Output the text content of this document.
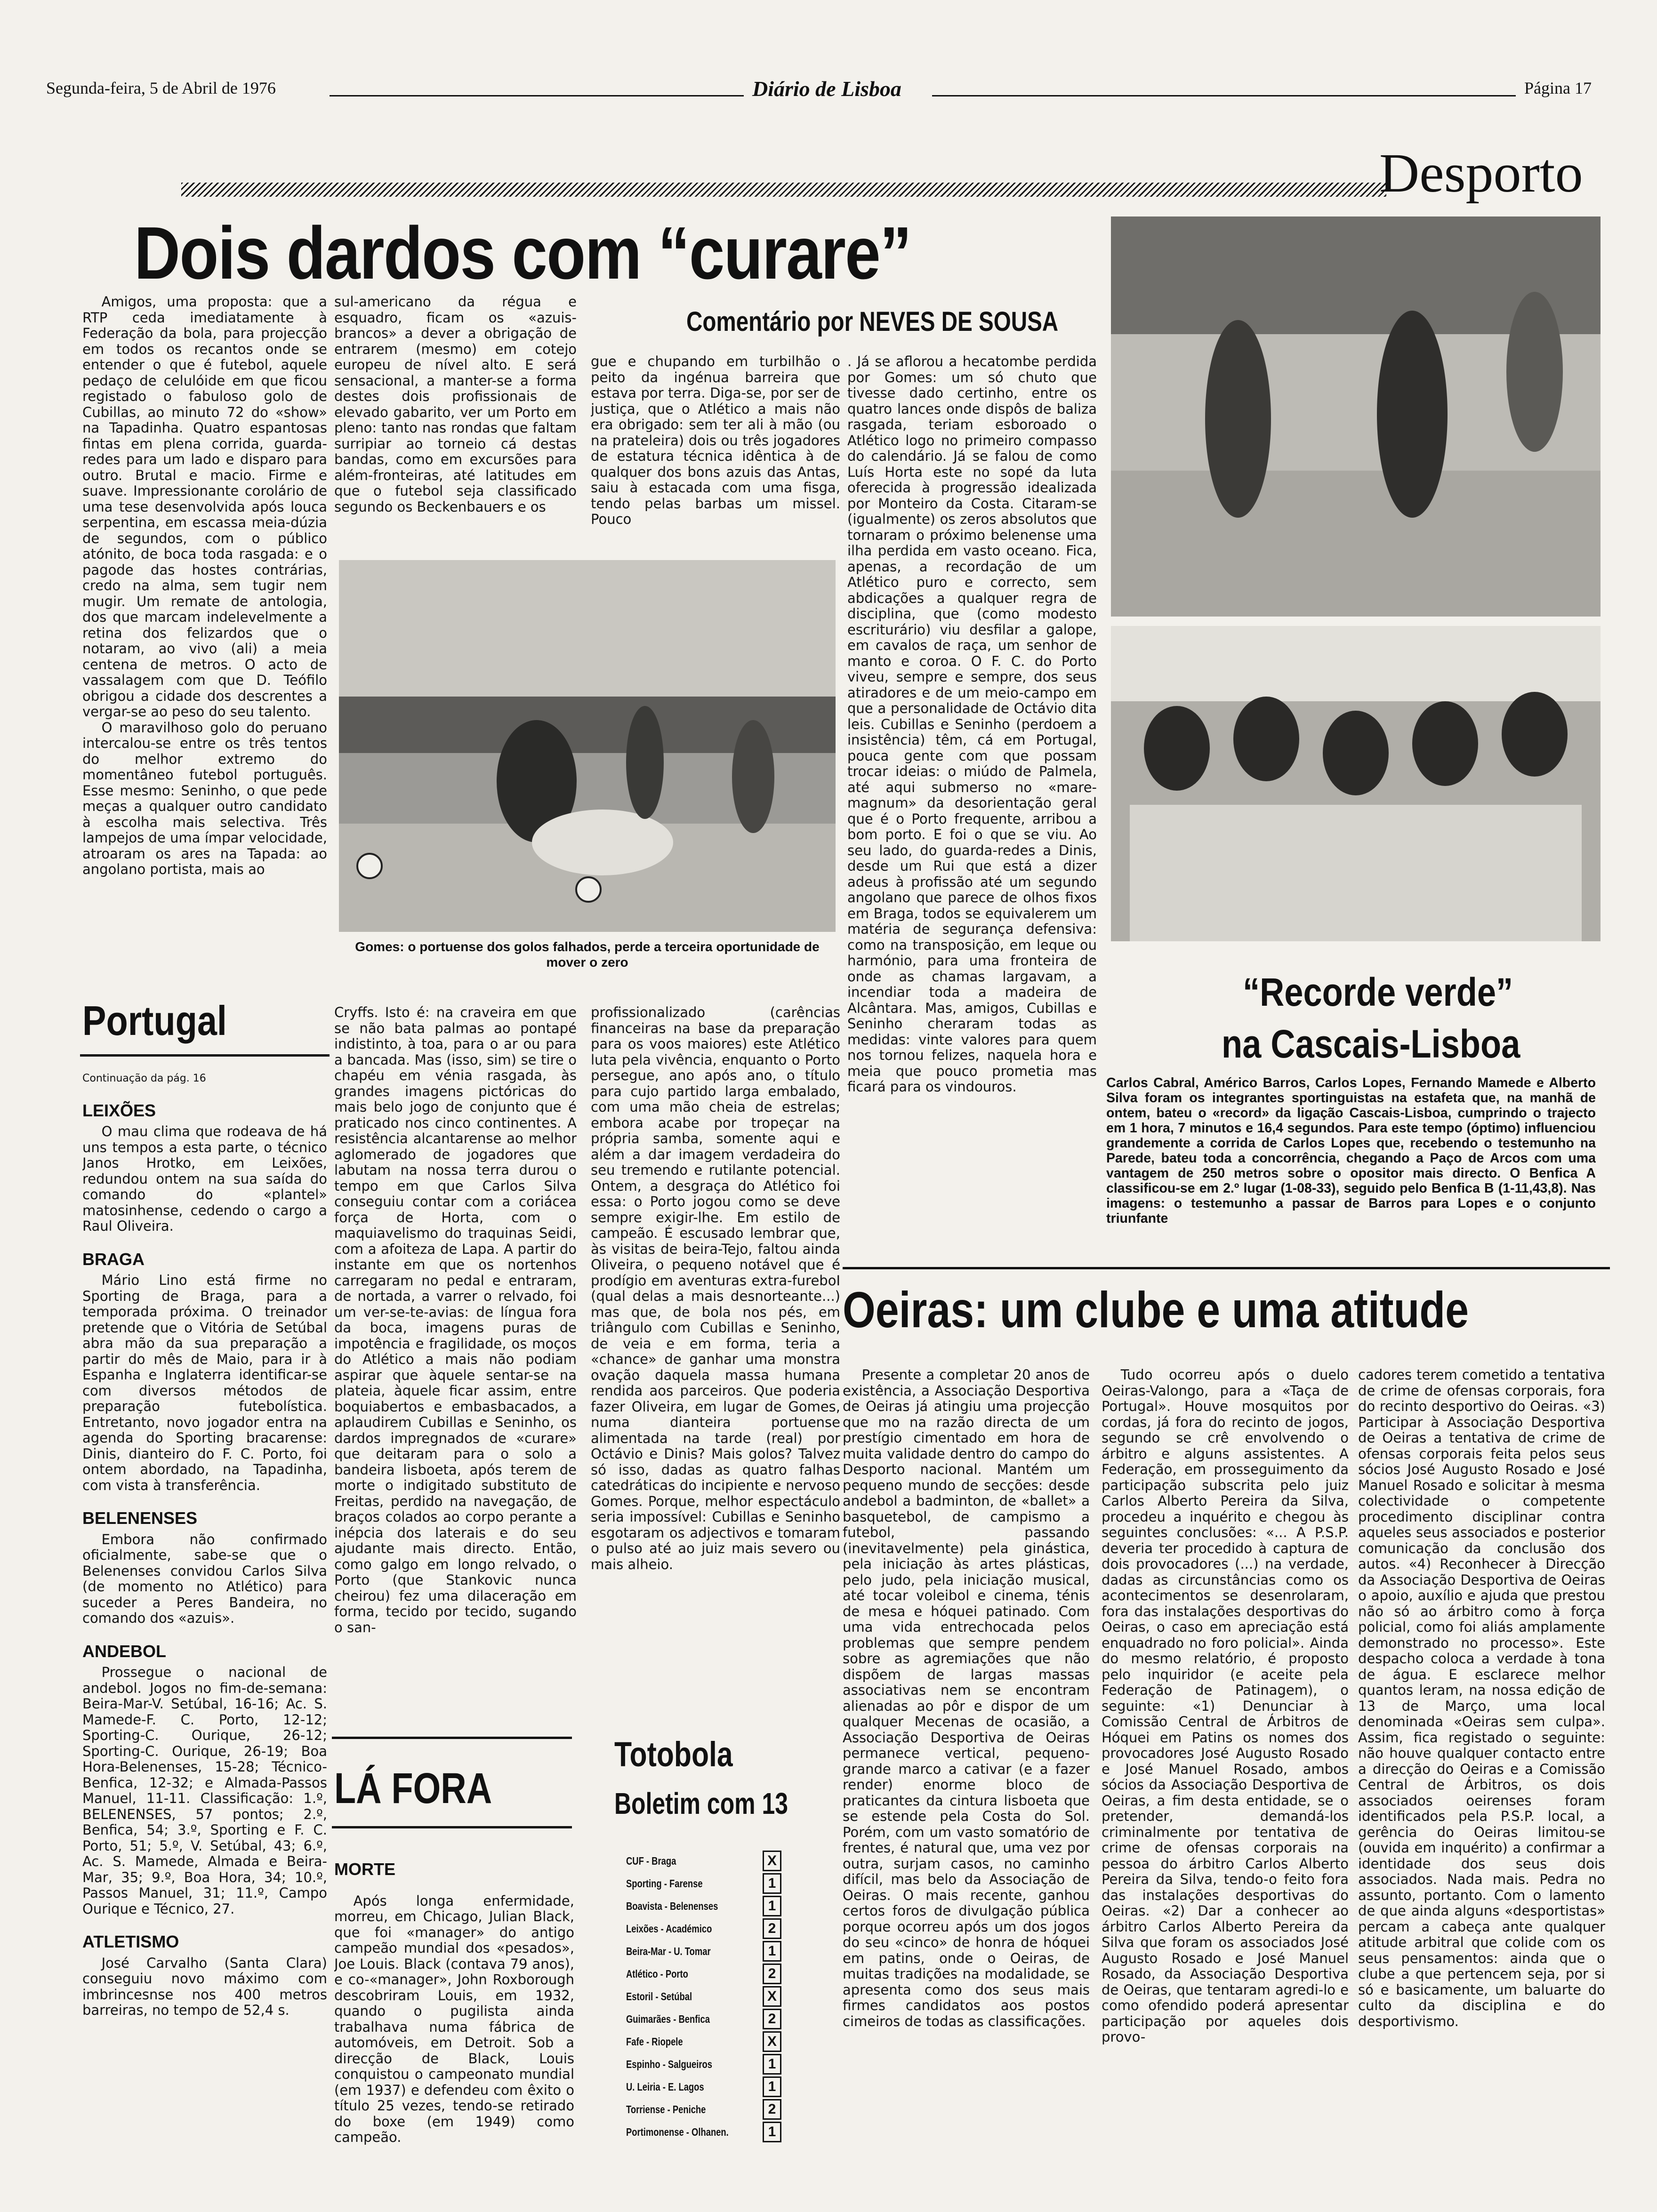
Segunda-feira, 5 de Abril de 1976	Diário de Lisboa	Página 17
Desporto
Dois dardos com “curare”
Comentário por NEVES DE SOUSA

Amigos, uma proposta: que a RTP ceda imediatamente à Federação da bola, para projecção em todos os recantos onde se entender o que é futebol, aquele pedaço de celulóide em que ficou registado o fabuloso golo de Cubillas, ao minuto 72 do «show» na Tapadinha. Quatro espantosas fintas em plena corrida, guarda-redes para um lado e disparo para outro. Brutal e macio. Firme e suave. Impressionante corolário de uma tese desenvolvida após louca serpentina, em escassa meia-dúzia de segundos, com o público atónito, de boca toda rasgada: e o pagode das hostes contrárias, credo na alma, sem tugir nem mugir. Um remate de antologia, dos que marcam indelevelmente a retina dos felizardos que o notaram, ao vivo (ali) a meia centena de metros. O acto de vassalagem com que D. Teófilo obrigou a cidade dos descrentes a vergar-se ao peso do seu talento.

O maravilhoso golo do peruano intercalou-se entre os três tentos do melhor extremo do momentâneo futebol português. Esse mesmo: Seninho, o que pede meças a qualquer outro candidato à escolha mais selectiva. Três lampejos de uma ímpar velocidade, atroaram os ares na Tapada: ao angolano portista, mais ao

sul-americano da régua e esquadro, ficam os «azuis-brancos» a dever a obrigação de entrarem (mesmo) em cotejo europeu de nível alto. E será sensacional, a manter-se a forma destes dois profissionais de elevado gabarito, ver um Porto em pleno: tanto nas rondas que faltam surripiar ao torneio cá destas bandas, como em excursões para além-fronteiras, até latitudes em que o futebol seja classificado segundo os Beckenbauers e os

gue e chupando em turbilhão o peito da ingénua barreira que estava por terra. Diga-se, por ser de justiça, que o Atlético a mais não era obrigado: sem ter ali à mão (ou na prateleira) dois ou três jogadores de estatura técnica idêntica à de qualquer dos bons azuis das Antas, saiu à estacada com uma fisga, tendo pelas barbas um missel. Pouco

. Já se aflorou a hecatombe perdida por Gomes: um só chuto que tivesse dado certinho, entre os quatro lances onde dispôs de baliza rasgada, teriam esboroado o Atlético logo no primeiro compasso do calendário. Já se falou de como Luís Horta este no sopé da luta oferecida à progressão idealizada por Monteiro da Costa. Citaram-se (igualmente) os zeros absolutos que tornaram o próximo belenense uma ilha perdida em vasto oceano. Fica, apenas, a recordação de um Atlético puro e correcto, sem abdicações a qualquer regra de disciplina, que (como modesto escriturário) viu desfilar a galope, em cavalos de raça, um senhor de manto e coroa. O F. C. do Porto viveu, sempre e sempre, dos seus atiradores e de um meio-campo em que a personalidade de Octávio dita leis. Cubillas e Seninho (perdoem a insistência) têm, cá em Portugal, pouca gente com que possam trocar ideias: o miúdo de Palmela, até aqui submerso no «mare-magnum» da desorientação geral que é o Porto frequente, arribou a bom porto. E foi o que se viu. Ao seu lado, do guarda-redes a Dinis, desde um Rui que está a dizer adeus à profissão até um segundo angolano que parece de olhos fixos em Braga, todos se equivalerem um matéria de segurança defensiva: como na transposição, em leque ou harmónio, para uma fronteira de onde as chamas largavam, a incendiar toda a madeira de Alcântara. Mas, amigos, Cubillas e Seninho cheraram todas as medidas: vinte valores para quem nos tornou felizes, naquela hora e meia que pouco prometia mas ficará para os vindouros.

Gomes: o portuense dos golos falhados, perde a terceira oportunidade de mover o zero
Portugal
Continuação da pág. 16
LEIXÕES

O mau clima que rodeava de há uns tempos a esta parte, o técnico Janos Hrotko, em Leixões, redundou ontem na sua saída do comando do «plantel» matosinhense, cedendo o cargo a Raul Oliveira.

BRAGA

Mário Lino está firme no Sporting de Braga, para a temporada próxima. O treinador pretende que o Vitória de Setúbal abra mão da sua preparação a partir do mês de Maio, para ir à Espanha e Inglaterra identificar-se com diversos métodos de preparação futebolística. Entretanto, novo jogador entra na agenda do Sporting bracarense: Dinis, dianteiro do F. C. Porto, foi ontem abordado, na Tapadinha, com vista à transferência.

BELENENSES

Embora não confirmado oficialmente, sabe-se que o Belenenses convidou Carlos Silva (de momento no Atlético) para suceder a Peres Bandeira, no comando dos «azuis».

ANDEBOL

Prossegue o nacional de andebol. Jogos no fim-de-semana: Beira-Mar-V. Setúbal, 16-16; Ac. S. Mamede-F. C. Porto, 12-12; Sporting-C. Ourique, 26-12; Sporting-C. Ourique, 26-19; Boa Hora-Belenenses, 15-28; Técnico-Benfica, 12-32; e Almada-Passos Manuel, 11-11. Classificação: 1.º, BELENENSES, 57 pontos; 2.º, Benfica, 54; 3.º, Sporting e F. C. Porto, 51; 5.º, V. Setúbal, 43; 6.º, Ac. S. Mamede, Almada e Beira-Mar, 35; 9.º, Boa Hora, 34; 10.º, Passos Manuel, 31; 11.º, Campo Ourique e Técnico, 27.

ATLETISMO

José Carvalho (Santa Clara) conseguiu novo máximo com imbrincesnse nos 400 metros barreiras, no tempo de 52,4 s.

Cryffs. Isto é: na craveira em que se não bata palmas ao pontapé indistinto, à toa, para o ar ou para a bancada. Mas (isso, sim) se tire o chapéu em vénia rasgada, às grandes imagens pictóricas do mais belo jogo de conjunto que é praticado nos cinco continentes. A resistência alcantarense ao melhor aglomerado de jogadores que labutam na nossa terra durou o tempo em que Carlos Silva conseguiu contar com a coriácea força de Horta, com o maquiavelismo do traquinas Seidi, com a afoiteza de Lapa. A partir do instante em que os nortenhos carregaram no pedal e entraram, de nortada, a varrer o relvado, foi um ver-se-te-avias: de língua fora da boca, imagens puras de impotência e fragilidade, os moços do Atlético a mais não podiam aspirar que àquele sentar-se na plateia, àquele ficar assim, entre boquiabertos e embasbacados, a aplaudirem Cubillas e Seninho, os dardos impregnados de «curare» que deitaram para o solo a bandeira lisboeta, após terem de morte o indigitado substituto de Freitas, perdido na navegação, de braços colados ao corpo perante a inépcia dos laterais e do seu ajudante mais directo. Então, como galgo em longo relvado, o Porto (que Stankovic nunca cheirou) fez uma dilaceração em forma, tecido por tecido, sugando o san-

profissionalizado (carências financeiras na base da preparação para os voos maiores) este Atlético luta pela vivência, enquanto o Porto persegue, ano após ano, o título para cujo partido larga embalado, com uma mão cheia de estrelas; embora acabe por tropeçar na própria samba, somente aqui e além a dar imagem verdadeira do seu tremendo e rutilante potencial. Ontem, a desgraça do Atlético foi essa: o Porto jogou como se deve sempre exigir-lhe. Em estilo de campeão. É escusado lembrar que, às visitas de beira-Tejo, faltou ainda Oliveira, o pequeno notável que é prodígio em aventuras extra-fureboI (qual delas a mais desnorteante...) mas que, de bola nos pés, em triângulo com Cubillas e Seninho, de veia e em forma, teria a «chance» de ganhar uma monstra ovação daquela massa humana rendida aos parceiros. Que poderia fazer Oliveira, em lugar de Gomes, numa dianteira portuense alimentada na tarde (real) por Octávio e Dinis? Mais golos? Talvez só isso, dadas as quatro falhas catedráticas do incipiente e nervoso Gomes. Porque, melhor espectáculo seria impossível: Cubillas e Seninho esgotaram os adjectivos e tomaram o pulso até ao juiz mais severo ou mais alheio.

LÁ FORA
MORTE

Após longa enfermidade, morreu, em Chicago, Julian Black, que foi «manager» do antigo campeão mundial dos «pesados», Joe Louis. Black (contava 79 anos), e co-«manager», John Roxborough descobriram Louis, em 1932, quando o pugilista ainda trabalhava numa fábrica de automóveis, em Detroit. Sob a direcção de Black, Louis conquistou o campeonato mundial (em 1937) e defendeu com êxito o título 25 vezes, tendo-se retirado do boxe (em 1949) como campeão.

Totobola
Boletim com 13
CUF - Braga	X
Sporting - Farense	1
Boavista - Belenenses	1
Leixões - Académico	2
Beira-Mar - U. Tomar	1
Atlético - Porto	2
Estoril - Setúbal	X
Guimarães - Benfica	2
Fafe - Riopele	X
Espinho - Salgueiros	1
U. Leiria - E. Lagos	1
Torriense - Peniche	2
Portimonense - Olhanen.	1
“Recorde verde”
na Cascais-Lisboa
Carlos Cabral, Américo Barros, Carlos Lopes, Fernando Mamede e Alberto Silva foram os integrantes sportinguistas na estafeta que, na manhã de ontem, bateu o «record» da ligação Cascais-Lisboa, cumprindo o trajecto em 1 hora, 7 minutos e 16,4 segundos. Para este tempo (óptimo) influenciou grandemente a corrida de Carlos Lopes que, recebendo o testemunho na Parede, bateu toda a concorrência, chegando a Paço de Arcos com uma vantagem de 250 metros sobre o opositor mais directo. O Benfica A classificou-se em 2.º lugar (1-08-33), seguido pelo Benfica B (1-11,43,8). Nas imagens: o testemunho a passar de Barros para Lopes e o conjunto triunfante
Oeiras: um clube e uma atitude

Presente a completar 20 anos de existência, a Associação Desportiva de Oeiras já atingiu uma projecção que mo na razão directa de um prestígio cimentado em hora de muita validade dentro do campo do Desporto nacional. Mantém um pequeno mundo de secções: desde andebol a badminton, de «ballet» a basquetebol, de campismo a futebol, passando (inevitavelmente) pela ginástica, pela iniciação às artes plásticas, pelo judo, pela iniciação musical, até tocar voleibol e cinema, ténis de mesa e hóquei patinado. Com uma vida entrechocada pelos problemas que sempre pendem sobre as agremiações que não dispõem de largas massas associativas nem se encontram alienadas ao pôr e dispor de um qualquer Mecenas de ocasião, a Associação Desportiva de Oeiras permanece vertical, pequeno-grande marco a cativar (e a fazer render) enorme bloco de praticantes da cintura lisboeta que se estende pela Costa do Sol. Porém, com um vasto somatório de frentes, é natural que, uma vez por outra, surjam casos, no caminho difícil, mas belo da Associação de Oeiras. O mais recente, ganhou certos foros de divulgação pública porque ocorreu após um dos jogos do seu «cinco» de honra de hóquei em patins, onde o Oeiras, de muitas tradições na modalidade, se apresenta como dos seus mais firmes candidatos aos postos cimeiros de todas as classificações.

Tudo ocorreu após o duelo Oeiras-Valongo, para a «Taça de Portugal». Houve mosquitos por cordas, já fora do recinto de jogos, segundo se crê envolvendo o árbitro e alguns assistentes. A Federação, em prosseguimento da participação subscrita pelo juiz Carlos Alberto Pereira da Silva, procedeu a inquérito e chegou às seguintes conclusões: «... A P.S.P. deveria ter procedido à captura de dois provocadores (...) na verdade, dadas as circunstâncias como os acontecimentos se desenrolaram, fora das instalações desportivas do Oeiras, o caso em apreciação está enquadrado no foro policial». Ainda do mesmo relatório, é proposto pelo inquiridor (e aceite pela Federação de Patinagem), o seguinte: «1) Denunciar à Comissão Central de Árbitros de Hóquei em Patins os nomes dos provocadores José Augusto Rosado e José Manuel Rosado, ambos sócios da Associação Desportiva de Oeiras, a fim desta entidade, se o pretender, demandá-los criminalmente por tentativa de crime de ofensas corporais na pessoa do árbitro Carlos Alberto Pereira da Silva, tendo-o feito fora das instalações desportivas do Oeiras. «2) Dar a conhecer ao árbitro Carlos Alberto Pereira da Silva que foram os associados José Augusto Rosado e José Manuel Rosado, da Associação Desportiva de Oeiras, que tentaram agredi-lo e como ofendido poderá apresentar participação por aqueles dois provo-

cadores terem cometido a tentativa de crime de ofensas corporais, fora do recinto desportivo do Oeiras. «3) Participar à Associação Desportiva de Oeiras a tentativa de crime de ofensas corporais feita pelos seus sócios José Augusto Rosado e José Manuel Rosado e solicitar à mesma colectividade o competente procedimento disciplinar contra aqueles seus associados e posterior comunicação da conclusão dos autos. «4) Reconhecer à Direcção da Associação Desportiva de Oeiras o apoio, auxílio e ajuda que prestou não só ao árbitro como à força policial, como foi aliás amplamente demonstrado no processo». Este despacho coloca a verdade à tona de água. E esclarece melhor quantos leram, na nossa edição de 13 de Março, uma local denominada «Oeiras sem culpa». Assim, fica registado o seguinte: não houve qualquer contacto entre a direcção do Oeiras e a Comissão Central de Árbitros, os dois associados oeirenses foram identificados pela P.S.P. local, a gerência do Oeiras limitou-se (ouvida em inquérito) a confirmar a identidade dos seus dois associados. Nada mais. Pedra no assunto, portanto. Com o lamento de que ainda alguns «desportistas» percam a cabeça ante qualquer atitude arbitral que colide com os seus pensamentos: ainda que o clube a que pertencem seja, por si só e basicamente, um baluarte do culto da disciplina e do desportivismo.
